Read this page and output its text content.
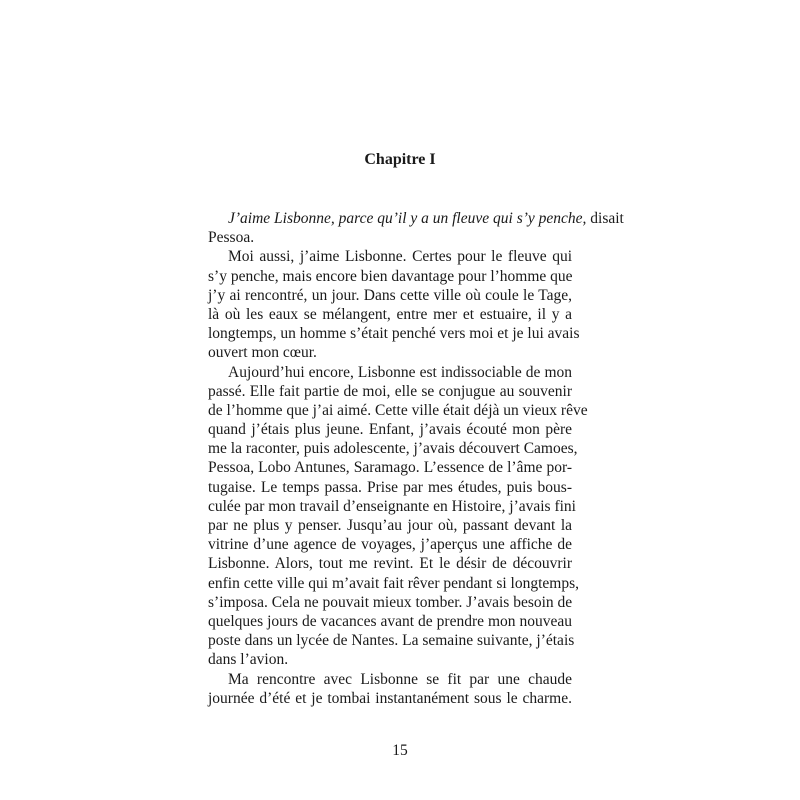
Chapitre I
J’aime Lisbonne, parce qu’il y a un fleuve qui s’y penche, disait
Pessoa.
Moi aussi, j’aime Lisbonne. Certes pour le fleuve qui
s’y penche, mais encore bien davantage pour l’homme que
j’y ai rencontré, un jour. Dans cette ville où coule le Tage,
là où les eaux se mélangent, entre mer et estuaire, il y a
longtemps, un homme s’était penché vers moi et je lui avais
ouvert mon cœur.
Aujourd’hui encore, Lisbonne est indissociable de mon
passé. Elle fait partie de moi, elle se conjugue au souvenir
de l’homme que j’ai aimé. Cette ville était déjà un vieux rêve
quand j’étais plus jeune. Enfant, j’avais écouté mon père
me la raconter, puis adolescente, j’avais découvert Camoes,
Pessoa, Lobo Antunes, Saramago. L’essence de l’âme por-
tugaise. Le temps passa. Prise par mes études, puis bous-
culée par mon travail d’enseignante en Histoire, j’avais fini
par ne plus y penser. Jusqu’au jour où, passant devant la
vitrine d’une agence de voyages, j’aperçus une affiche de
Lisbonne. Alors, tout me revint. Et le désir de découvrir
enfin cette ville qui m’avait fait rêver pendant si longtemps,
s’imposa. Cela ne pouvait mieux tomber. J’avais besoin de
quelques jours de vacances avant de prendre mon nouveau
poste dans un lycée de Nantes. La semaine suivante, j’étais
dans l’avion.
Ma rencontre avec Lisbonne se fit par une chaude
journée d’été et je tombai instantanément sous le charme.
15
